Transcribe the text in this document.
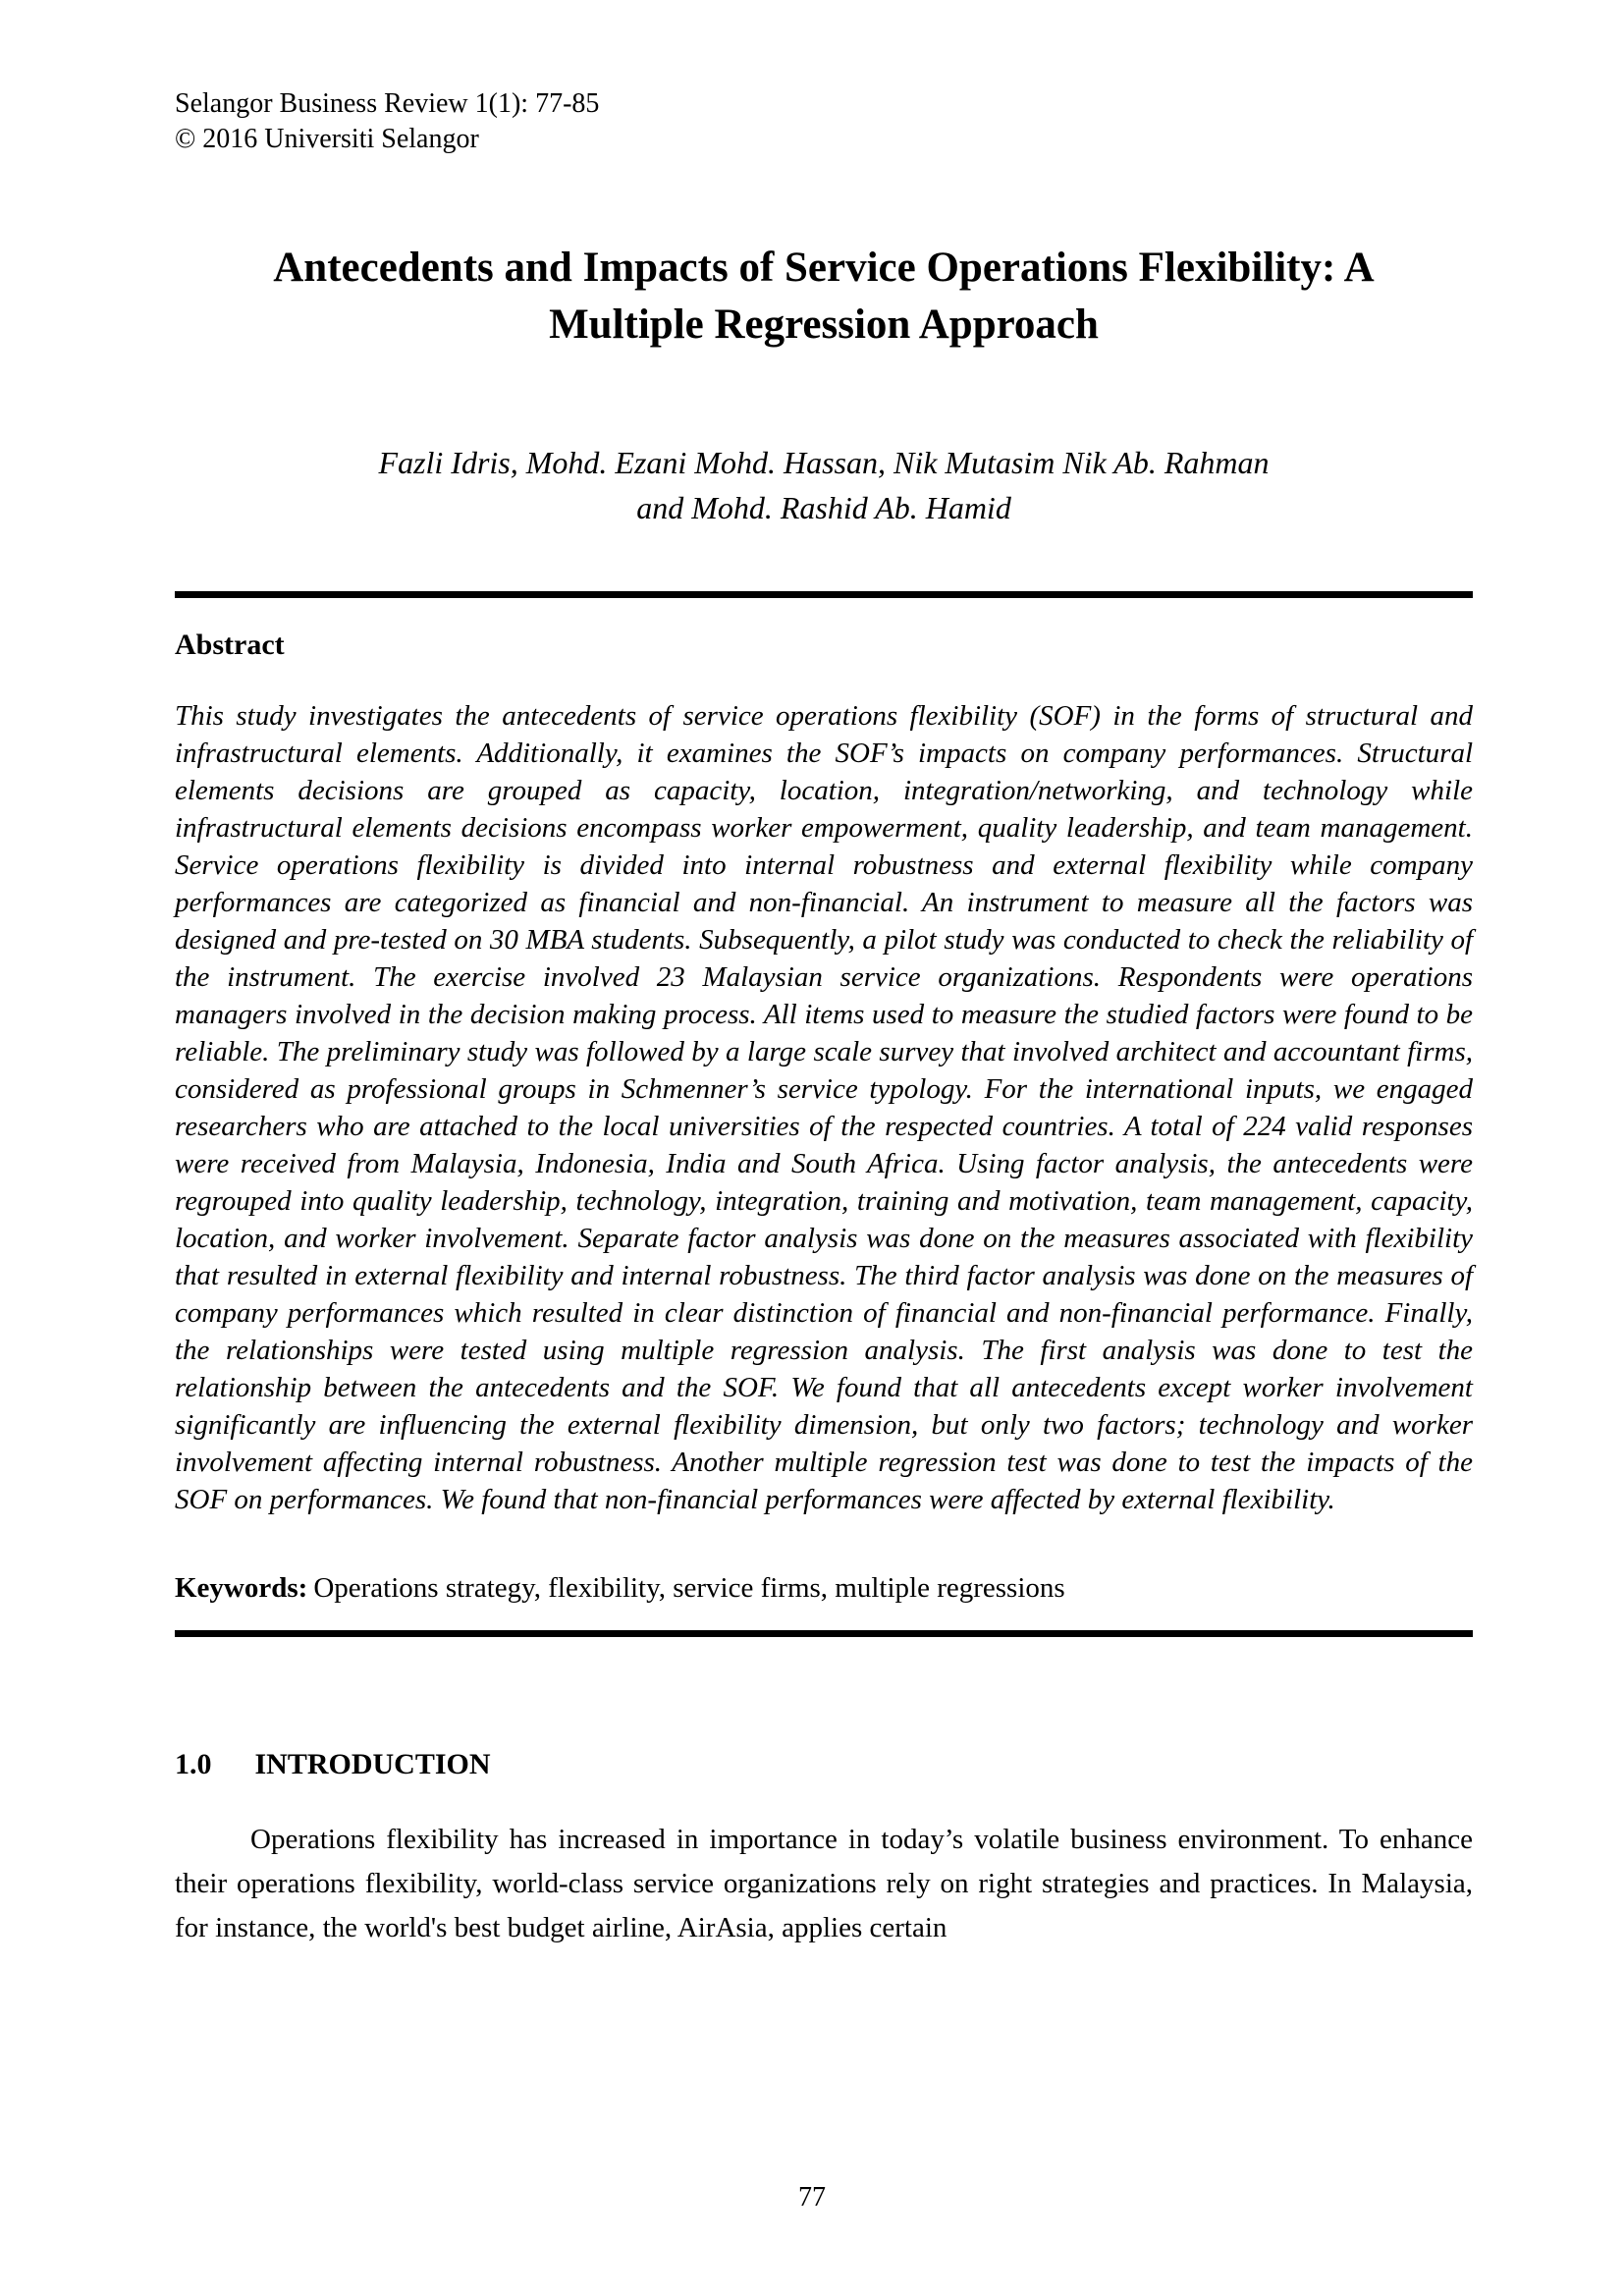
Selangor Business Review 1(1): 77-85
© 2016 Universiti Selangor
Antecedents and Impacts of Service Operations Flexibility: A
Multiple Regression Approach
Fazli Idris, Mohd. Ezani Mohd. Hassan, Nik Mutasim Nik Ab. Rahman
and Mohd. Rashid Ab. Hamid
Abstract

This study investigates the antecedents of service operations flexibility (SOF) in the forms of structural and infrastructural elements. Additionally, it examines the SOF’s impacts on company performances. Structural elements decisions are grouped as capacity, location, integration/networking, and technology while infrastructural elements decisions encompass worker empowerment, quality leadership, and team management. Service operations flexibility is divided into internal robustness and external flexibility while company performances are categorized as financial and non-financial. An instrument to measure all the factors was designed and pre-tested on 30 MBA students. Subsequently, a pilot study was conducted to check the reliability of the instrument. The exercise involved 23 Malaysian service organizations. Respondents were operations managers involved in the decision making process. All items used to measure the studied factors were found to be reliable. The preliminary study was followed by a large scale survey that involved architect and accountant firms, considered as professional groups in Schmenner’s service typology. For the international inputs, we engaged researchers who are attached to the local universities of the respected countries. A total of 224 valid responses were received from Malaysia, Indonesia, India and South Africa. Using factor analysis, the antecedents were regrouped into quality leadership, technology, integration, training and motivation, team management, capacity, location, and worker involvement. Separate factor analysis was done on the measures associated with flexibility that resulted in external flexibility and internal robustness. The third factor analysis was done on the measures of company performances which resulted in clear distinction of financial and non-financial performance. Finally, the relationships were tested using multiple regression analysis. The first analysis was done to test the relationship between the antecedents and the SOF. We found that all antecedents except worker involvement significantly are influencing the external flexibility dimension, but only two factors; technology and worker involvement affecting internal robustness. Another multiple regression test was done to test the impacts of the SOF on performances. We found that non-financial performances were affected by external flexibility.

Keywords: Operations strategy, flexibility, service firms, multiple regressions

1.0 INTRODUCTION

Operations flexibility has increased in importance in today’s volatile business environment. To enhance their operations flexibility, world-class service organizations rely on right strategies and practices. In Malaysia, for instance, the world's best budget airline, AirAsia, applies certain

77
